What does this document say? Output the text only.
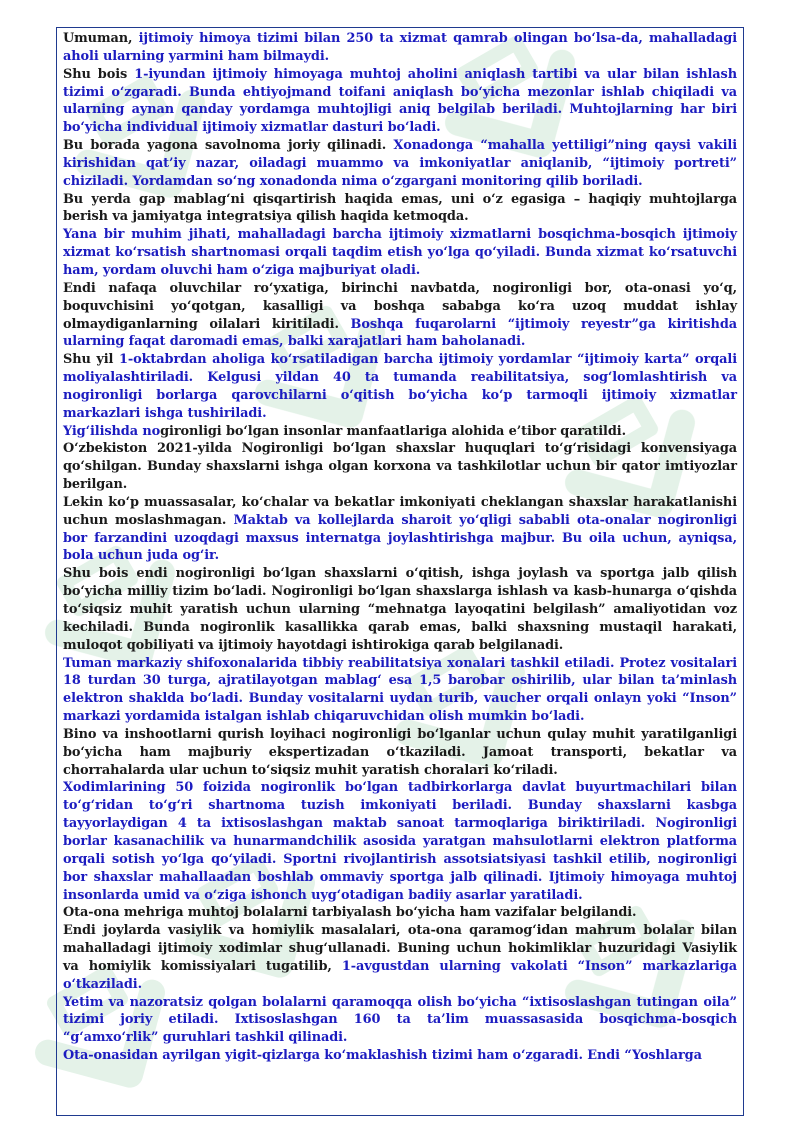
Umuman, ijtimoiy himoya tizimi bilan 250 ta xizmat qamrab olingan bo‘lsa-da, mahalladagi aholi ularning yarmini ham bilmaydi.

Shu bois 1-iyundan ijtimoiy himoyaga muhtoj aholini aniqlash tartibi va ular bilan ishlash tizimi o‘zgaradi. Bunda ehtiyojmand toifani aniqlash bo‘yicha mezonlar ishlab chiqiladi va ularning aynan qanday yordamga muhtojligi aniq belgilab beriladi. Muhtojlarning har biri bo‘yicha individual ijtimoiy xizmatlar dasturi bo‘ladi.

Bu borada yagona savolnoma joriy qilinadi. Xonadonga “mahalla yettiligi”ning qaysi vakili kirishidan qat’iy nazar, oiladagi muammo va imkoniyatlar aniqlanib, “ijtimoiy portreti” chiziladi. Yordamdan so‘ng xonadonda nima o‘zgargani monitoring qilib boriladi.

Bu yerda gap mablag‘ni qisqartirish haqida emas, uni o‘z egasiga – haqiqiy muhtojlarga berish va jamiyatga integratsiya qilish haqida ketmoqda.

Yana bir muhim jihati, mahalladagi barcha ijtimoiy xizmatlarni bosqichma-bosqich ijtimoiy xizmat ko‘rsatish shartnomasi orqali taqdim etish yo‘lga qo‘yiladi. Bunda xizmat ko‘rsatuvchi ham, yordam oluvchi ham o‘ziga majburiyat oladi.

Endi nafaqa oluvchilar ro‘yxatiga, birinchi navbatda, nogironligi bor, ota-onasi yo‘q, boquvchisini yo‘qotgan, kasalligi va boshqa sababga ko‘ra uzoq muddat ishlay olmaydiganlarning oilalari kiritiladi. Boshqa fuqarolarni “ijtimoiy reyestr”ga kiritishda ularning faqat daromadi emas, balki xarajatlari ham baholanadi.

Shu yil 1-oktabrdan aholiga ko‘rsatiladigan barcha ijtimoiy yordamlar “ijtimoiy karta” orqali moliyalashtiriladi. Kelgusi yildan 40 ta tumanda reabilitatsiya, sog‘lomlashtirish va nogironligi borlarga qarovchilarni o‘qitish bo‘yicha ko‘p tarmoqli ijtimoiy xizmatlar markazlari ishga tushiriladi.

Yig‘ilishda nogironligi bo‘lgan insonlar manfaatlariga alohida e’tibor qaratildi.

O‘zbekiston 2021-yilda Nogironligi bo‘lgan shaxslar huquqlari to‘g‘risidagi konvensiyaga qo‘shilgan. Bunday shaxslarni ishga olgan korxona va tashkilotlar uchun bir qator imtiyozlar berilgan.

Lekin ko‘p muassasalar, ko‘chalar va bekatlar imkoniyati cheklangan shaxslar harakatlanishi uchun moslashmagan. Maktab va kollejlarda sharoit yo‘qligi sababli ota-onalar nogironligi bor farzandini uzoqdagi maxsus internatga joylashtirishga majbur. Bu oila uchun, ayniqsa, bola uchun juda og‘ir.

Shu bois endi nogironligi bo‘lgan shaxslarni o‘qitish, ishga joylash va sportga jalb qilish bo‘yicha milliy tizim bo‘ladi. Nogironligi bo‘lgan shaxslarga ishlash va kasb-hunarga o‘qishda to‘siqsiz muhit yaratish uchun ularning “mehnatga layoqatini belgilash” amaliyotidan voz kechiladi. Bunda nogironlik kasallikka qarab emas, balki shaxsning mustaqil harakati, muloqot qobiliyati va ijtimoiy hayotdagi ishtirokiga qarab belgilanadi.

Tuman markaziy shifoxonalarida tibbiy reabilitatsiya xonalari tashkil etiladi. Protez vositalari 18 turdan 30 turga, ajratilayotgan mablag‘ esa 1,5 barobar oshirilib, ular bilan ta’minlash elektron shaklda bo‘ladi. Bunday vositalarni uydan turib, vaucher orqali onlayn yoki “Inson” markazi yordamida istalgan ishlab chiqaruvchidan olish mumkin bo‘ladi.

Bino va inshootlarni qurish loyihaci nogironligi bo‘lganlar uchun qulay muhit yaratilganligi bo‘yicha ham majburiy ekspertizadan o‘tkaziladi. Jamoat transporti, bekatlar va chorrahalarda ular uchun to‘siqsiz muhit yaratish choralari ko‘riladi.

Xodimlarining 50 foizida nogironlik bo‘lgan tadbirkorlarga davlat buyurtmachilari bilan to‘g‘ridan to‘g‘ri shartnoma tuzish imkoniyati beriladi. Bunday shaxslarni kasbga tayyorlaydigan 4 ta ixtisoslashgan maktab sanoat tarmoqlariga biriktiriladi. Nogironligi borlar kasanachilik va hunarmandchilik asosida yaratgan mahsulotlarni elektron platforma orqali sotish yo‘lga qo‘yiladi. Sportni rivojlantirish assotsiatsiyasi tashkil etilib, nogironligi bor shaxslar mahallaadan boshlab ommaviy sportga jalb qilinadi. Ijtimoiy himoyaga muhtoj insonlarda umid va o‘ziga ishonch uyg‘otadigan badiiy asarlar yaratiladi.

Ota-ona mehriga muhtoj bolalarni tarbiyalash bo‘yicha ham vazifalar belgilandi.

Endi joylarda vasiylik va homiylik masalalari, ota-ona qaramog‘idan mahrum bolalar bilan mahalladagi ijtimoiy xodimlar shug‘ullanadi. Buning uchun hokimliklar huzuridagi Vasiylik va homiylik komissiyalari tugatilib, 1-avgustdan ularning vakolati “Inson” markazlariga o‘tkaziladi.

Yetim va nazoratsiz qolgan bolalarni qaramoqqa olish bo‘yicha “ixtisoslashgan tutingan oila” tizimi joriy etiladi. Ixtisoslashgan 160 ta ta’lim muassasasida bosqichma-bosqich “g‘amxo‘rlik” guruhlari tashkil qilinadi.

Ota-onasidan ayrilgan yigit-qizlarga ko‘maklashish tizimi ham o‘zgaradi. Endi “Yoshlarga
